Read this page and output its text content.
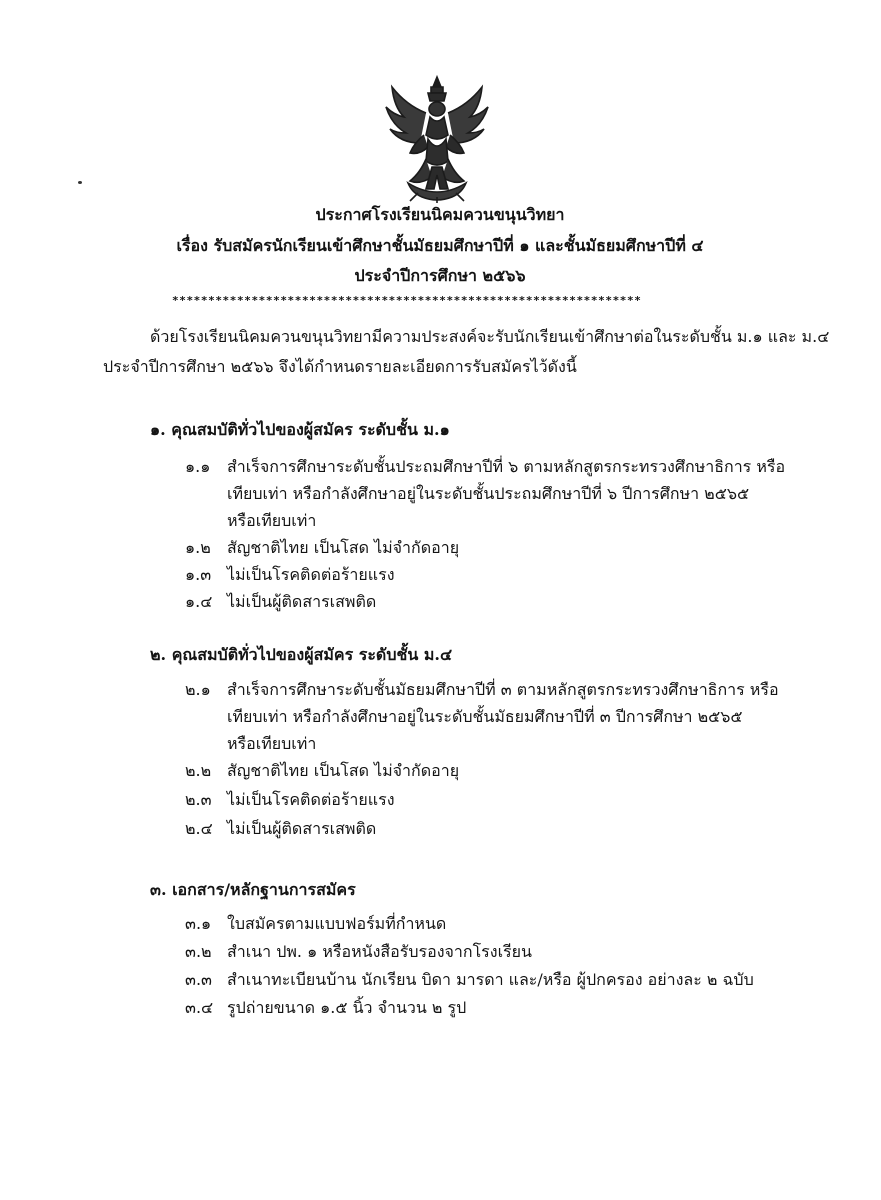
ประกาศโรงเรียนนิคมควนขนุนวิทยา
เรื่อง รับสมัครนักเรียนเข้าศึกษาชั้นมัธยมศึกษาปีที่ ๑ และชั้นมัธยมศึกษาปีที่ ๔
ประจำปีการศึกษา ๒๕๖๖
*****************************************************************
ด้วยโรงเรียนนิคมควนขนุนวิทยามีความประสงค์จะรับนักเรียนเข้าศึกษาต่อในระดับชั้น ม.๑ และ ม.๔
ประจำปีการศึกษา ๒๕๖๖ จึงได้กำหนดรายละเอียดการรับสมัครไว้ดังนี้
๑. คุณสมบัติทั่วไปของผู้สมัคร ระดับชั้น ม.๑
๑.๑ สำเร็จการศึกษาระดับชั้นประถมศึกษาปีที่ ๖ ตามหลักสูตรกระทรวงศึกษาธิการ หรือ
เทียบเท่า หรือกำลังศึกษาอยู่ในระดับชั้นประถมศึกษาปีที่ ๖ ปีการศึกษา ๒๕๖๕
หรือเทียบเท่า
๑.๒ สัญชาติไทย เป็นโสด ไม่จำกัดอายุ
๑.๓ ไม่เป็นโรคติดต่อร้ายแรง
๑.๔ ไม่เป็นผู้ติดสารเสพติด
๒. คุณสมบัติทั่วไปของผู้สมัคร ระดับชั้น ม.๔
๒.๑ สำเร็จการศึกษาระดับชั้นมัธยมศึกษาปีที่ ๓ ตามหลักสูตรกระทรวงศึกษาธิการ หรือ
เทียบเท่า หรือกำลังศึกษาอยู่ในระดับชั้นมัธยมศึกษาปีที่ ๓ ปีการศึกษา ๒๕๖๕
หรือเทียบเท่า
๒.๒ สัญชาติไทย เป็นโสด ไม่จำกัดอายุ
๒.๓ ไม่เป็นโรคติดต่อร้ายแรง
๒.๔ ไม่เป็นผู้ติดสารเสพติด
๓. เอกสาร/หลักฐานการสมัคร
๓.๑ ใบสมัครตามแบบฟอร์มที่กำหนด
๓.๒ สำเนา ปพ. ๑ หรือหนังสือรับรองจากโรงเรียน
๓.๓ สำเนาทะเบียนบ้าน นักเรียน บิดา มารดา และ/หรือ ผู้ปกครอง อย่างละ ๒ ฉบับ
๓.๔ รูปถ่ายขนาด ๑.๕ นิ้ว จำนวน ๒ รูป
